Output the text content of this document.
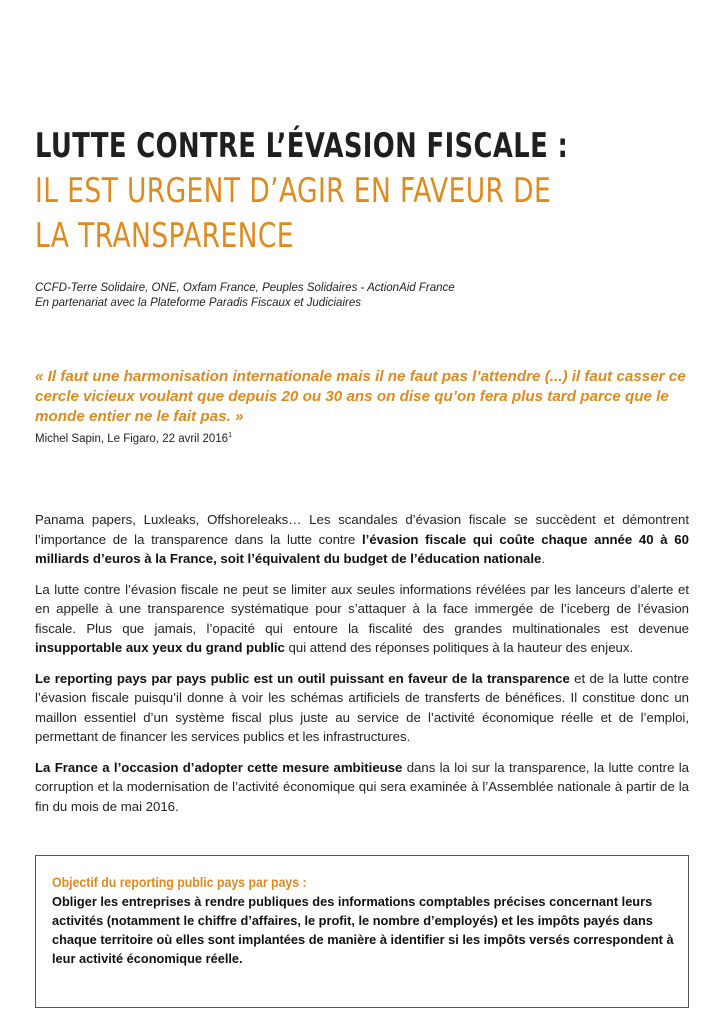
LUTTE CONTRE L’ÉVASION FISCALE :
IL EST URGENT D’AGIR EN FAVEUR DE
LA TRANSPARENCE
CCFD-Terre Solidaire, ONE, Oxfam France, Peuples Solidaires - ActionAid France
En partenariat avec la Plateforme Paradis Fiscaux et Judiciaires
« Il faut une harmonisation internationale mais il ne faut pas l’attendre (...) il faut casser ce cercle vicieux voulant que depuis 20 ou 30 ans on dise qu’on fera plus tard parce que le monde entier ne le fait pas. »
Michel Sapin, Le Figaro, 22 avril 2016$^1$

Panama papers, Luxleaks, Offshoreleaks… Les scandales d’évasion fiscale se succèdent et démontrent l’importance de la transparence dans la lutte contre l’évasion fiscale qui coûte chaque année 40 à 60 milliards d’euros à la France, soit l’équivalent du budget de l’éducation nationale.

La lutte contre l’évasion fiscale ne peut se limiter aux seules informations révélées par les lanceurs d’alerte et en appelle à une transparence systématique pour s’attaquer à la face immergée de l’iceberg de l’évasion fiscale. Plus que jamais, l’opacité qui entoure la fiscalité des grandes multinationales est devenue insupportable aux yeux du grand public qui attend des réponses politiques à la hauteur des enjeux.

Le reporting pays par pays public est un outil puissant en faveur de la transparence et de la lutte contre l’évasion fiscale puisqu’il donne à voir les schémas artificiels de transferts de bénéfices. Il constitue donc un maillon essentiel d’un système fiscal plus juste au service de l’activité économique réelle et de l’emploi, permettant de financer les services publics et les infrastructures.

La France a l’occasion d’adopter cette mesure ambitieuse dans la loi sur la transparence, la lutte contre la corruption et la modernisation de l’activité économique qui sera examinée à l’Assemblée nationale à partir de la fin du mois de mai 2016.

Objectif du reporting public pays par pays :
Obliger les entreprises à rendre publiques des informations comptables précises concernant leurs activités (notamment le chiffre d’affaires, le profit, le nombre d’employés) et les impôts payés dans chaque territoire où elles sont implantées de manière à identifier si les impôts versés correspondent à leur activité économique réelle.
